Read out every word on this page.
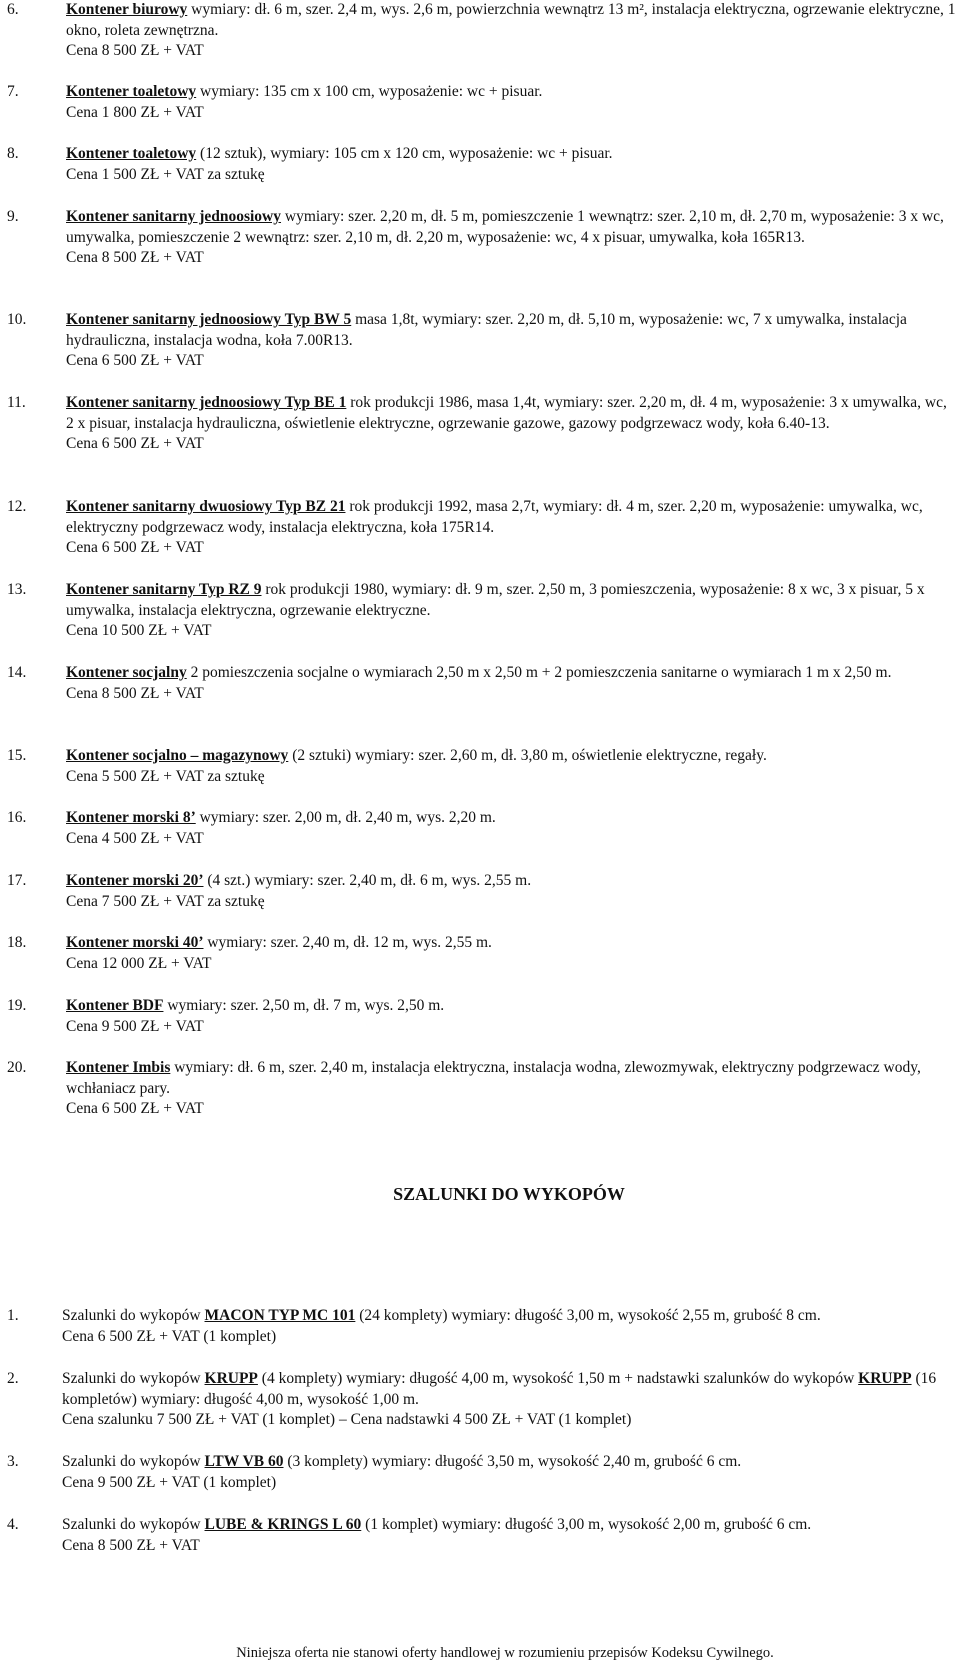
6.	Kontener biurowy wymiary: dł. 6 m, szer. 2,4 m, wys. 2,6 m, powierzchnia wewnątrz 13 m², instalacja elektryczna, ogrzewanie elektryczne, 1 okno, roleta zewnętrzna.
Cena 8 500 ZŁ + VAT
7.	Kontener toaletowy wymiary: 135 cm x 100 cm, wyposażenie: wc + pisuar.
Cena 1 800 ZŁ + VAT
8.	Kontener toaletowy (12 sztuk), wymiary: 105 cm x 120 cm, wyposażenie: wc + pisuar.
Cena 1 500 ZŁ + VAT za sztukę
9.	Kontener sanitarny jednoosiowy wymiary: szer. 2,20 m, dł. 5 m, pomieszczenie 1 wewnątrz: szer. 2,10 m, dł. 2,70 m, wyposażenie: 3 x wc, umywalka, pomieszczenie 2 wewnątrz: szer. 2,10 m, dł. 2,20 m, wyposażenie: wc, 4 x pisuar, umywalka, koła 165R13.
Cena 8 500 ZŁ + VAT
10.	Kontener sanitarny jednoosiowy Typ BW 5 masa 1,8t, wymiary: szer. 2,20 m, dł. 5,10 m, wyposażenie: wc, 7 x umywalka, instalacja hydrauliczna, instalacja wodna, koła 7.00R13.
Cena 6 500 ZŁ + VAT
11.	Kontener sanitarny jednoosiowy Typ BE 1 rok produkcji 1986, masa 1,4t, wymiary: szer. 2,20 m, dł. 4 m, wyposażenie: 3 x umywalka, wc, 2 x pisuar, instalacja hydrauliczna, oświetlenie elektryczne, ogrzewanie gazowe, gazowy podgrzewacz wody, koła 6.40-13.
Cena 6 500 ZŁ + VAT
12.	Kontener sanitarny dwuosiowy Typ BZ 21 rok produkcji 1992, masa 2,7t, wymiary: dł. 4 m, szer. 2,20 m, wyposażenie: umywalka, wc, elektryczny podgrzewacz wody, instalacja elektryczna, koła 175R14.
Cena 6 500 ZŁ + VAT
13.	Kontener sanitarny Typ RZ 9 rok produkcji 1980, wymiary: dł. 9 m, szer. 2,50 m, 3 pomieszczenia, wyposażenie: 8 x wc, 3 x pisuar, 5 x umywalka, instalacja elektryczna, ogrzewanie elektryczne.
Cena 10 500 ZŁ + VAT
14.	Kontener socjalny 2 pomieszczenia socjalne o wymiarach 2,50 m x 2,50 m + 2 pomieszczenia sanitarne o wymiarach 1 m x 2,50 m.
Cena 8 500 ZŁ + VAT
15.	Kontener socjalno – magazynowy (2 sztuki) wymiary: szer. 2,60 m, dł. 3,80 m, oświetlenie elektryczne, regały.
Cena 5 500 ZŁ + VAT za sztukę
16.	Kontener morski 8’ wymiary: szer. 2,00 m, dł. 2,40 m, wys. 2,20 m.
Cena 4 500 ZŁ + VAT
17.	Kontener morski 20’ (4 szt.) wymiary: szer. 2,40 m, dł. 6 m, wys. 2,55 m.
Cena 7 500 ZŁ + VAT za sztukę
18.	Kontener morski 40’ wymiary: szer. 2,40 m, dł. 12 m, wys. 2,55 m.
Cena 12 000 ZŁ + VAT
19.	Kontener BDF wymiary: szer. 2,50 m, dł. 7 m, wys. 2,50 m.
Cena 9 500 ZŁ + VAT
20.	Kontener Imbis wymiary: dł. 6 m, szer. 2,40 m, instalacja elektryczna, instalacja wodna, zlewozmywak, elektryczny podgrzewacz wody, wchłaniacz pary.
Cena 6 500 ZŁ + VAT
SZALUNKI DO WYKOPÓW
1.	Szalunki do wykopów MACON TYP MC 101 (24 komplety) wymiary: długość 3,00 m, wysokość 2,55 m, grubość 8 cm.
Cena 6 500 ZŁ + VAT (1 komplet)
2.	Szalunki do wykopów KRUPP (4 komplety) wymiary: długość 4,00 m, wysokość 1,50 m + nadstawki szalunków do wykopów KRUPP (16 kompletów) wymiary: długość 4,00 m, wysokość 1,00 m.
Cena szalunku 7 500 ZŁ + VAT (1 komplet) – Cena nadstawki 4 500 ZŁ + VAT (1 komplet)
3.	Szalunki do wykopów LTW VB 60 (3 komplety) wymiary: długość 3,50 m, wysokość 2,40 m, grubość 6 cm.
Cena 9 500 ZŁ + VAT (1 komplet)
4.	Szalunki do wykopów LUBE & KRINGS L 60 (1 komplet) wymiary: długość 3,00 m, wysokość 2,00 m, grubość 6 cm.
Cena 8 500 ZŁ + VAT
Niniejsza oferta nie stanowi oferty handlowej w rozumieniu przepisów Kodeksu Cywilnego.
